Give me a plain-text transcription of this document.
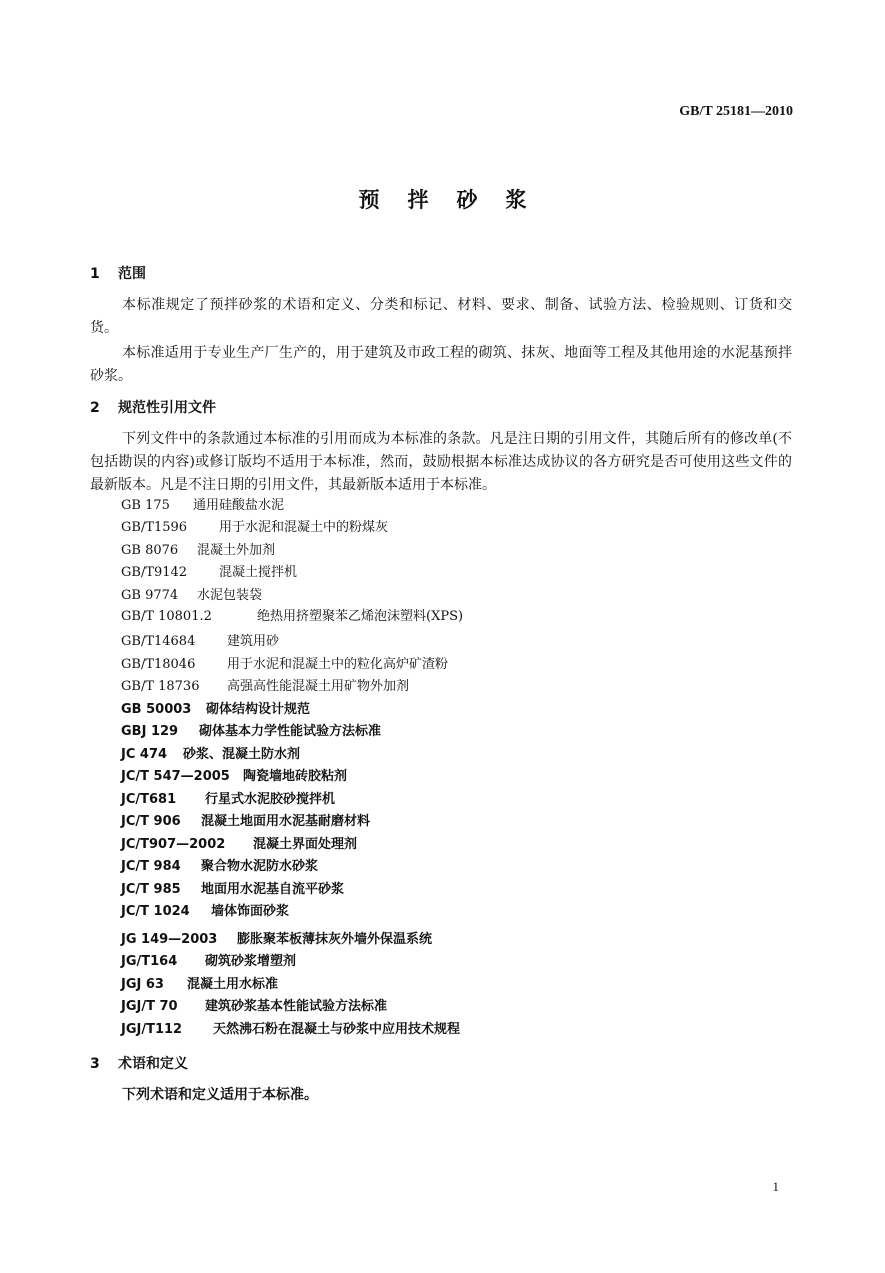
GB/T 25181—2010
预拌砂浆
1 范围

本标准规定了预拌砂浆的术语和定义、分类和标记、材料、要求、制备、试验方法、检验规则、订货和交货。

本标准适用于专业生产厂生产的，用于建筑及市政工程的砌筑、抹灰、地面等工程及其他用途的水泥基预拌砂浆。

2 规范性引用文件

下列文件中的条款通过本标准的引用而成为本标准的条款。凡是注日期的引用文件，其随后所有的修改单(不包括勘误的内容)或修订版均不适用于本标准，然而，鼓励根据本标准达成协议的各方研究是否可使用这些文件的最新版本。凡是不注日期的引用文件，其最新版本适用于本标准。

GB 175 通用硅酸盐水泥
GB/T1596 用于水泥和混凝土中的粉煤灰
GB 8076 混凝土外加剂
GB/T9142 混凝土搅拌机
GB 9774 水泥包装袋
GB/T 10801.2	绝热用挤塑聚苯乙烯泡沫塑料(XPS)
GB/T14684 建筑用砂
GB/T18046 用于水泥和混凝土中的粒化高炉矿渣粉
GB/T 18736 高强高性能混凝土用矿物外加剂
GB 50003 砌体结构设计规范
GBJ 129 砌体基本力学性能试验方法标准
JC 474 砂浆、混凝土防水剂
JC/T 547—2005 陶瓷墙地砖胶粘剂
JC/T681 行星式水泥胶砂搅拌机
JC/T 906 混凝土地面用水泥基耐磨材料
JC/T907—2002 混凝土界面处理剂
JC/T 984 聚合物水泥防水砂浆
JC/T 985 地面用水泥基自流平砂浆
JC/T 1024 墙体饰面砂浆
JG 149—2003 膨胀聚苯板薄抹灰外墙外保温系统
JG/T164 砌筑砂浆增塑剂
JGJ 63 混凝土用水标准
JGJ/T 70 建筑砂浆基本性能试验方法标准
JGJ/T112 天然沸石粉在混凝土与砂浆中应用技术规程
3 术语和定义

下列术语和定义适用于本标准。

1
